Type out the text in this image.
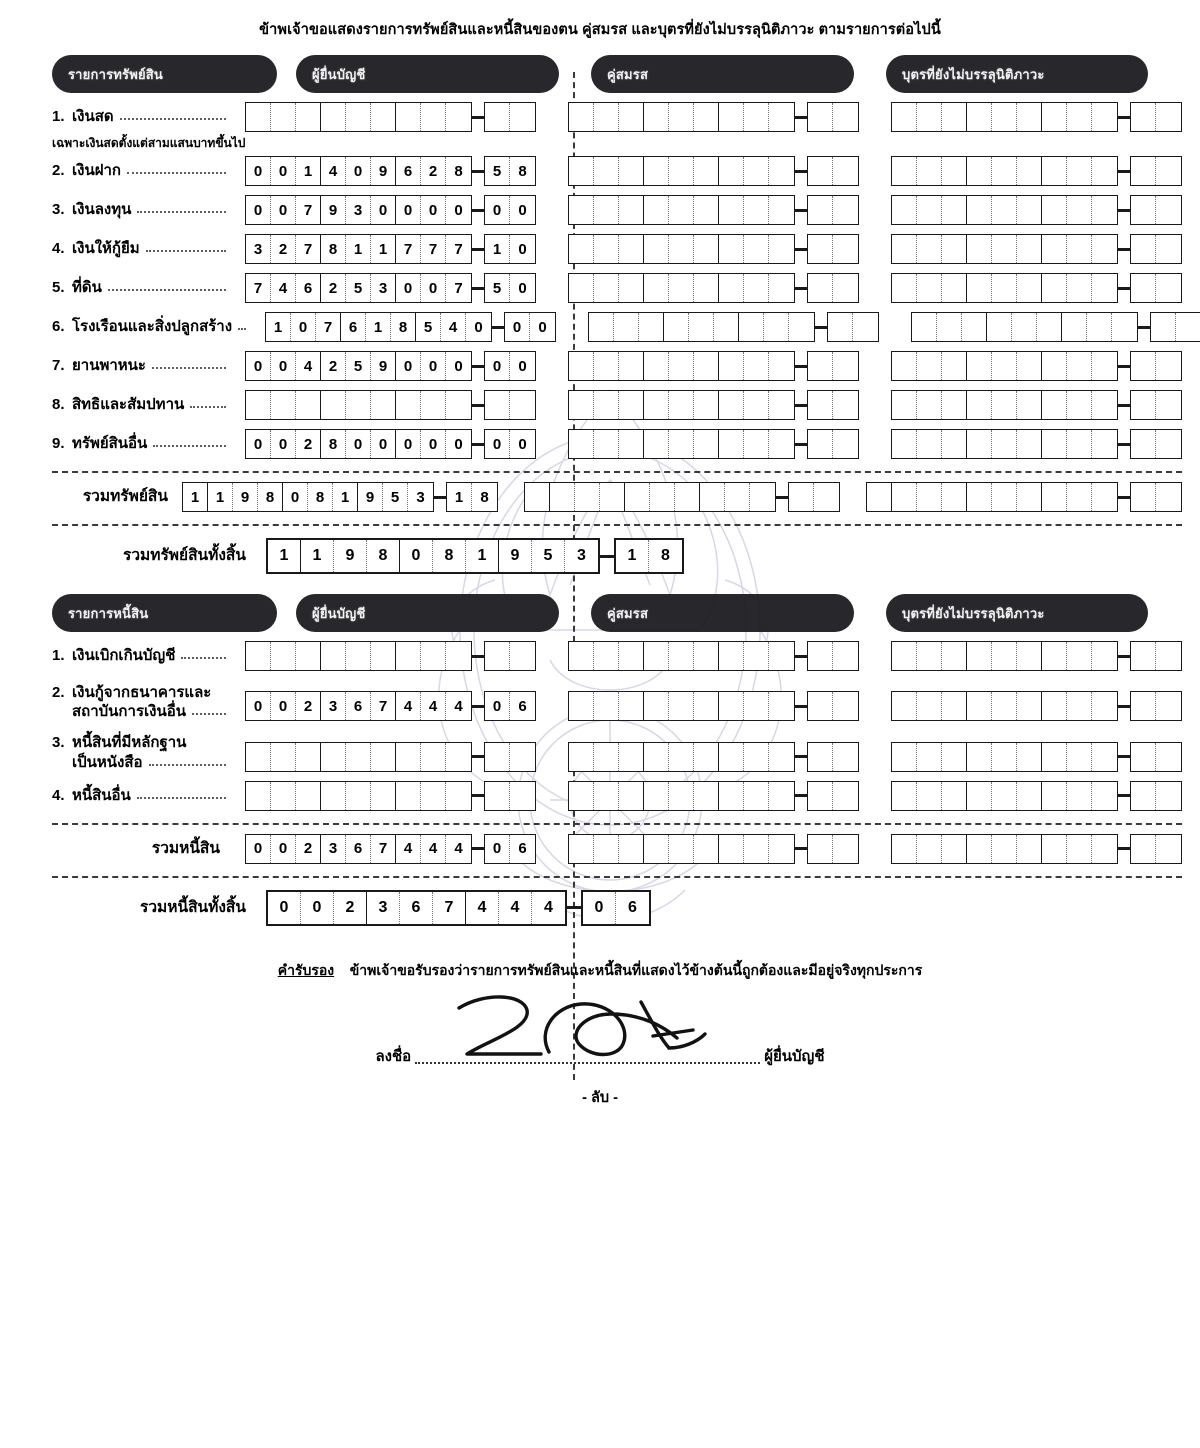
ข้าพเจ้าขอแสดงรายการทรัพย์สินและหนี้สินของตน คู่สมรส และบุตรที่ยังไม่บรรลุนิติภาวะ ตามรายการต่อไปนี้
รายการทรัพย์สิน	ผู้ยื่นบัญชี	คู่สมรส	บุตรที่ยังไม่บรรลุนิติภาวะ
1. เงินสด
เฉพาะเงินสดตั้งแต่สามแสนบาทขึ้นไป
2. เงินฝาก	0	0	1	4	0	9	6	2	8	5	8
3. เงินลงทุน	0	0	7	9	3	0	0	0	0	0	0
4. เงินให้กู้ยืม	3	2	7	8	1	1	7	7	7	1	0
5. ที่ดิน	7	4	6	2	5	3	0	0	7	5	0
6. โรงเรือนและสิ่งปลูกสร้าง	1	0	7	6	1	8	5	4	0	0	0
7. ยานพาหนะ	0	0	4	2	5	9	0	0	0	0	0
8. สิทธิและสัมปทาน
9. ทรัพย์สินอื่น	0	0	2	8	0	0	0	0	0	0	0
รวมทรัพย์สิน	1	1	9	8	0	8	1	9	5	3	1	8
รวมทรัพย์สินทั้งสิ้น	1	1	9	8	0	8	1	9	5	3	1	8
รายการหนี้สิน	ผู้ยื่นบัญชี	คู่สมรส	บุตรที่ยังไม่บรรลุนิติภาวะ
1. เงินเบิกเกินบัญชี
2. เงินกู้จากธนาคารและ
สถาบันการเงินอื่น	0	0	2	3	6	7	4	4	4	0	6
3. หนี้สินที่มีหลักฐาน
เป็นหนังสือ
4. หนี้สินอื่น
รวมหนี้สิน	0	0	2	3	6	7	4	4	4	0	6
รวมหนี้สินทั้งสิ้น	0	0	2	3	6	7	4	4	4	0	6
คำรับรอง ข้าพเจ้าขอรับรองว่ารายการทรัพย์สินและหนี้สินที่แสดงไว้ข้างต้นนี้ถูกต้องและมีอยู่จริงทุกประการ
ลงชื่อ	ผู้ยื่นบัญชี
- ลับ -
